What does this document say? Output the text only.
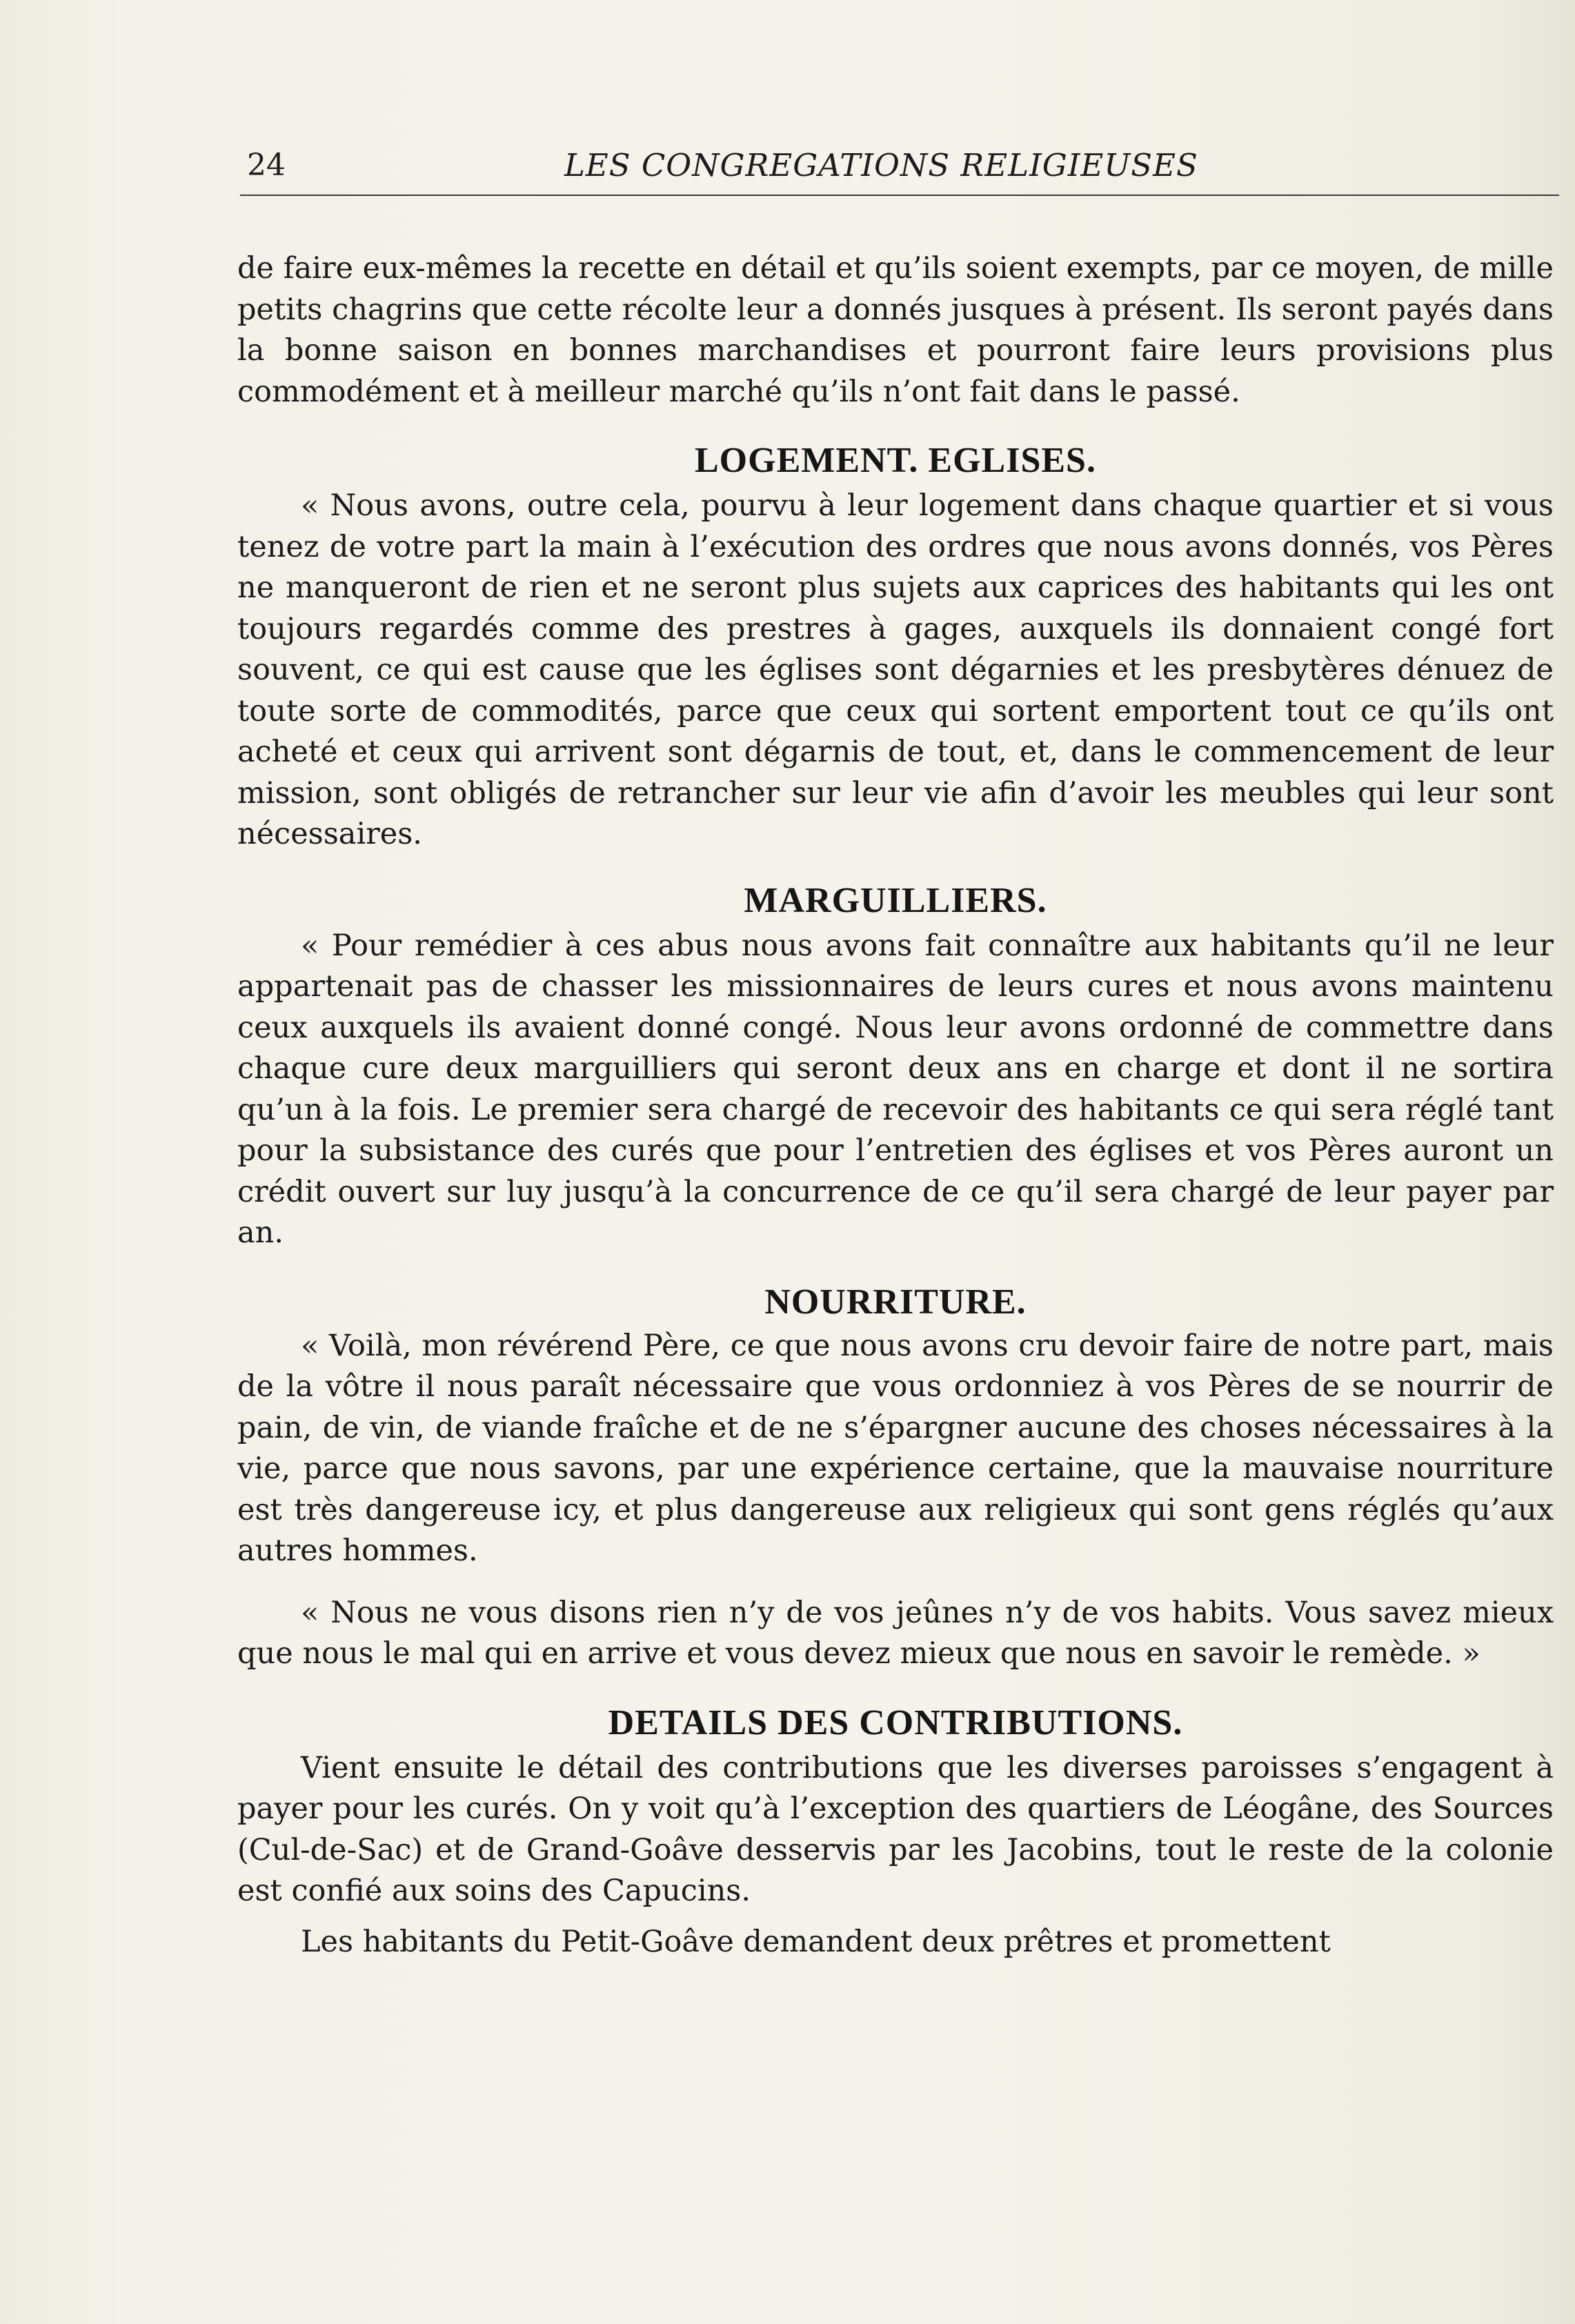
24	LES CONGREGATIONS RELIGIEUSES

de faire eux-mêmes la recette en détail et qu’ils soient exempts, par ce moyen, de mille petits chagrins que cette récolte leur a donnés jusques à présent. Ils seront payés dans la bonne saison en bonnes marchandises et pourront faire leurs provisions plus commodément et à meilleur marché qu’ils n’ont fait dans le passé.

LOGEMENT. EGLISES.

« Nous avons, outre cela, pourvu à leur logement dans chaque quartier et si vous tenez de votre part la main à l’exécution des ordres que nous avons donnés, vos Pères ne manqueront de rien et ne seront plus sujets aux caprices des habitants qui les ont toujours regardés comme des prestres à gages, auxquels ils donnaient congé fort souvent, ce qui est cause que les églises sont dégarnies et les presbytères dénuez de toute sorte de commodités, parce que ceux qui sortent emportent tout ce qu’ils ont acheté et ceux qui arrivent sont dégarnis de tout, et, dans le commencement de leur mission, sont obligés de retrancher sur leur vie afin d’avoir les meubles qui leur sont nécessaires.

MARGUILLIERS.

« Pour remédier à ces abus nous avons fait connaître aux habitants qu’il ne leur appartenait pas de chasser les missionnaires de leurs cures et nous avons maintenu ceux auxquels ils avaient donné congé. Nous leur avons ordonné de commettre dans chaque cure deux marguilliers qui seront deux ans en charge et dont il ne sortira qu’un à la fois. Le premier sera chargé de recevoir des habitants ce qui sera réglé tant pour la subsistance des curés que pour l’entretien des églises et vos Pères auront un crédit ouvert sur luy jusqu’à la concurrence de ce qu’il sera chargé de leur payer par an.

NOURRITURE.

« Voilà, mon révérend Père, ce que nous avons cru devoir faire de notre part, mais de la vôtre il nous paraît nécessaire que vous ordonniez à vos Pères de se nourrir de pain, de vin, de viande fraîche et de ne s’épargner aucune des choses nécessaires à la vie, parce que nous savons, par une expérience certaine, que la mauvaise nourriture est très dangereuse icy, et plus dangereuse aux religieux qui sont gens réglés qu’aux autres hommes.

« Nous ne vous disons rien n’y de vos jeûnes n’y de vos habits. Vous savez mieux que nous le mal qui en arrive et vous devez mieux que nous en savoir le remède. »

DETAILS DES CONTRIBUTIONS.

Vient ensuite le détail des contributions que les diverses paroisses s’engagent à payer pour les curés. On y voit qu’à l’exception des quartiers de Léogâne, des Sources (Cul-de-Sac) et de Grand-Goâve desservis par les Jacobins, tout le reste de la colonie est confié aux soins des Capucins.

Les habitants du Petit-Goâve demandent deux prêtres et promettent
